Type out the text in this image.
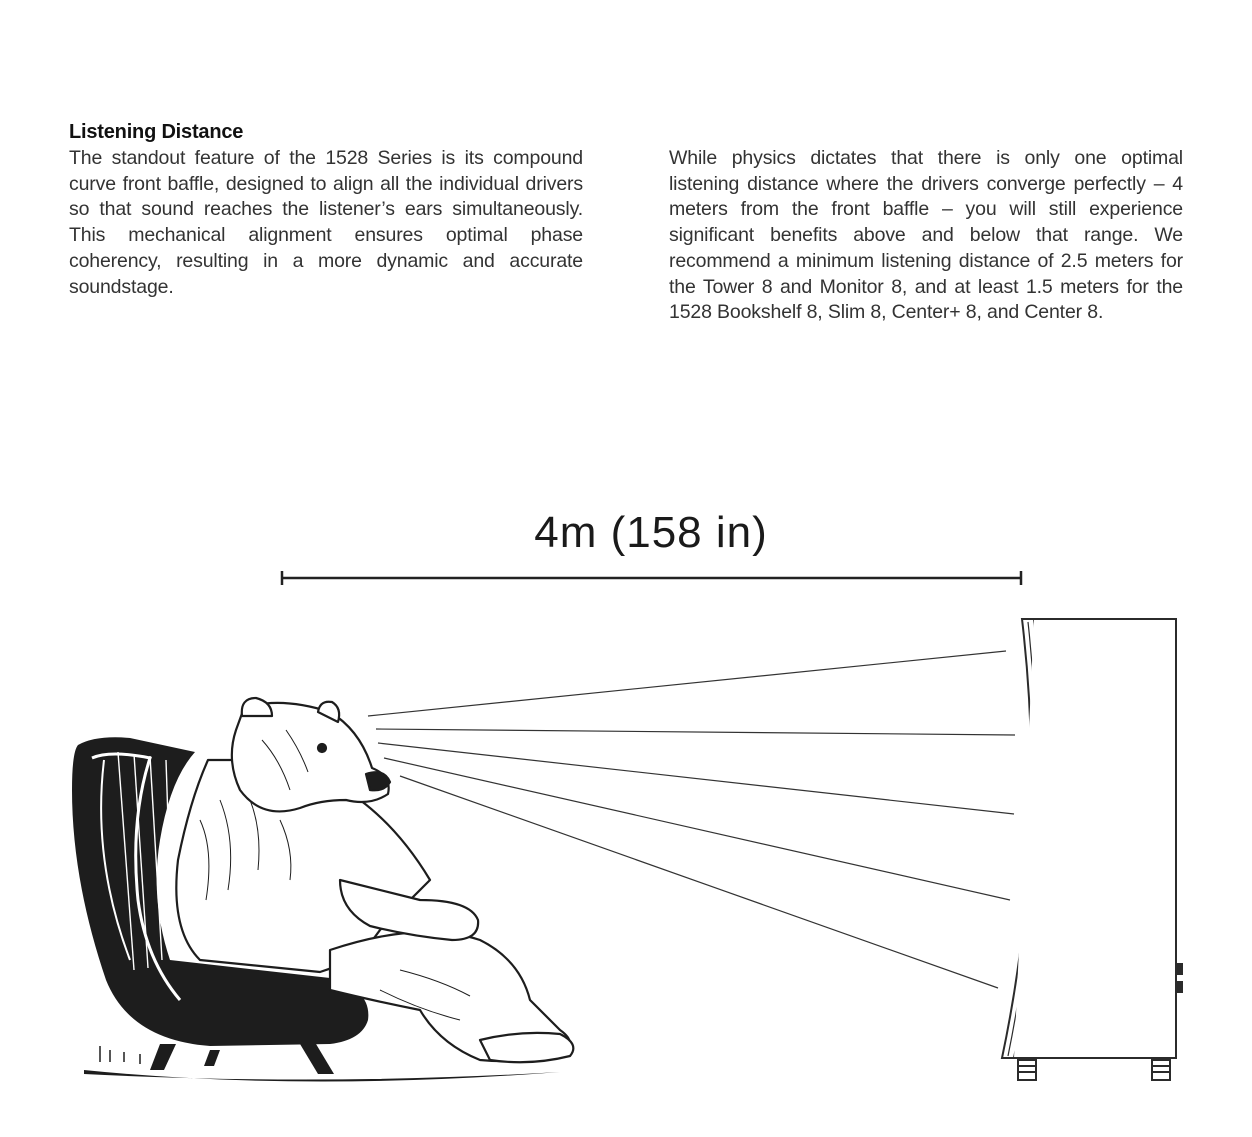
Listening Distance

The standout feature of the 1528 Series is its compound curve front baffle, designed to align all the individual drivers so that sound reaches the listener’s ears simultaneously. This mechanical alignment ensures optimal phase coherency, resulting in a more dynamic and accurate soundstage.

While physics dictates that there is only one optimal listening distance where the drivers converge perfectly – 4 meters from the front baffle – you will still experience significant benefits above and below that range. We recommend a minimum listening distance of 2.5 meters for the Tower 8 and Monitor 8, and at least 1.5 meters for the 1528 Bookshelf 8, Slim 8, Center+ 8, and Center 8.

4m (158 in)
